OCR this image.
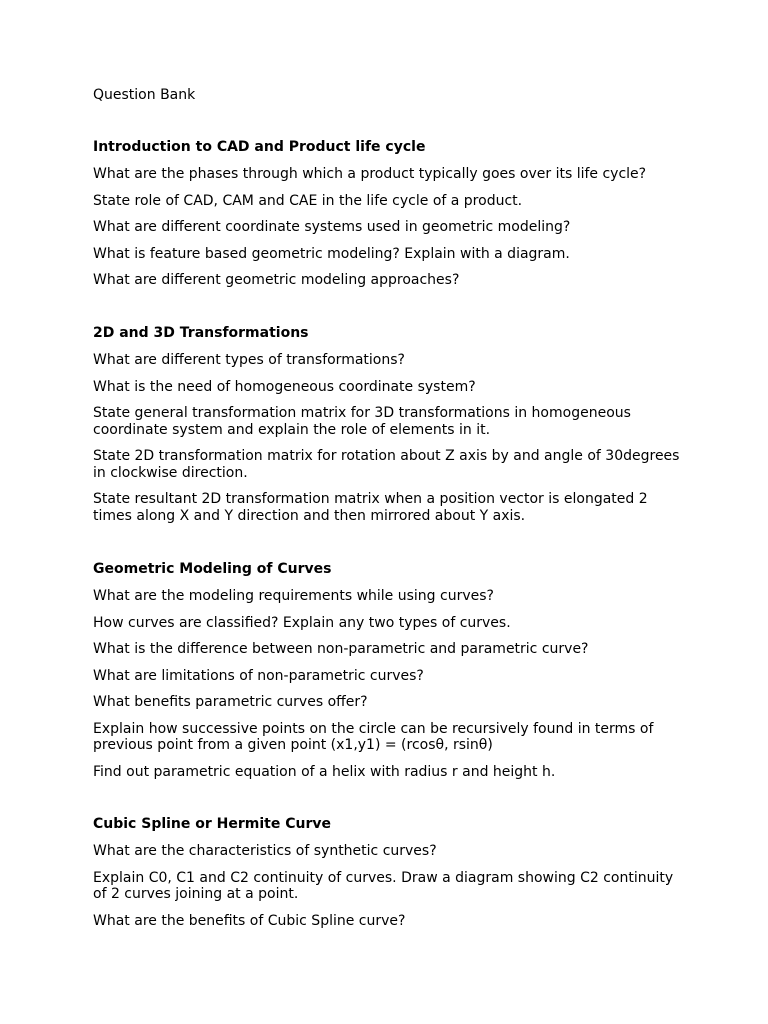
Question Bank

Introduction to CAD and Product life cycle
What are the phases through which a product typically goes over its life cycle?
State role of CAD, CAM and CAE in the life cycle of a product.
What are different coordinate systems used in geometric modeling?
What is feature based geometric modeling? Explain with a diagram.
What are different geometric modeling approaches?
2D and 3D Transformations
What are different types of transformations?
What is the need of homogeneous coordinate system?
State general transformation matrix for 3D transformations in homogeneous coordinate system and explain the role of elements in it.
State 2D transformation matrix for rotation about Z axis by and angle of 30degrees in clockwise direction.
State resultant 2D transformation matrix when a position vector is elongated 2 times along X and Y direction and then mirrored about Y axis.
Geometric Modeling of Curves
What are the modeling requirements while using curves?
How curves are classified? Explain any two types of curves.
What is the difference between non-parametric and parametric curve?
What are limitations of non-parametric curves?
What benefits parametric curves offer?
Explain how successive points on the circle can be recursively found in terms of previous point from a given point (x1,y1) = (rcosθ, rsinθ)
Find out parametric equation of a helix with radius r and height h.
Cubic Spline or Hermite Curve
What are the characteristics of synthetic curves?
Explain C0, C1 and C2 continuity of curves. Draw a diagram showing C2 continuity of 2 curves joining at a point.
What are the benefits of Cubic Spline curve?
